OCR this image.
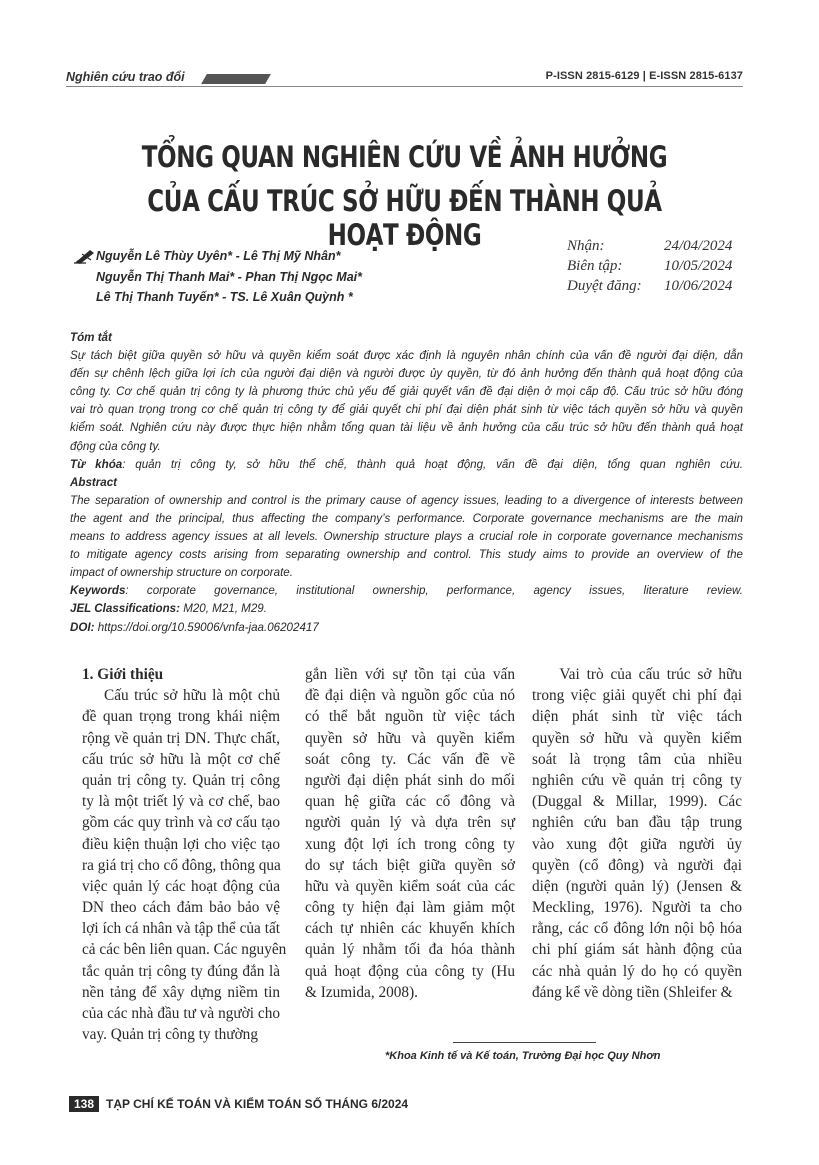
Nghiên cứu trao đổi	P-ISSN 2815-6129 | E-ISSN 2815-6137
TỔNG QUAN NGHIÊN CỨU VỀ ẢNH HƯỞNG
CỦA CẤU TRÚC SỞ HỮU ĐẾN THÀNH QUẢ HOẠT ĐỘNG
Nguyễn Lê Thùy Uyên* - Lê Thị Mỹ Nhân*
Nguyễn Thị Thanh Mai* - Phan Thị Ngọc Mai*
Lê Thị Thanh Tuyến* - TS. Lê Xuân Quỳnh *
Nhận:	24/04/2024
Biên tập:	10/05/2024
Duyệt đăng: 10/06/2024
Tóm tắt
Sự tách biệt giữa quyền sở hữu và quyền kiểm soát được xác định là nguyên nhân chính của vấn đề người đại diện, dẫn
đến sự chênh lệch giữa lợi ích của người đại diện và người được ủy quyền, từ đó ảnh hưởng đến thành quả hoạt động của
công ty. Cơ chế quản trị công ty là phương thức chủ yếu để giải quyết vấn đề đại diện ở mọi cấp độ. Cấu trúc sở hữu đóng
vai trò quan trọng trong cơ chế quản trị công ty để giải quyết chi phí đại diện phát sinh từ việc tách quyền sở hữu và quyền
kiểm soát. Nghiên cứu này được thực hiện nhằm tổng quan tài liệu về ảnh hưởng của cấu trúc sở hữu đến thành quả hoạt
động của công ty.
Từ khóa: quản trị công ty, sở hữu thể chế, thành quả hoạt động, vấn đề đại diện, tổng quan nghiên cứu.
Abstract
The separation of ownership and control is the primary cause of agency issues, leading to a divergence of interests between
the agent and the principal, thus affecting the company’s performance. Corporate governance mechanisms are the main
means to address agency issues at all levels. Ownership structure plays a crucial role in corporate governance mechanisms
to mitigate agency costs arising from separating ownership and control. This study aims to provide an overview of the
impact of ownership structure on corporate.
Keywords: corporate governance, institutional ownership, performance, agency issues, literature review.
JEL Classifications: M20, M21, M29.
DOI: https://doi.org/10.59006/vnfa-jaa.06202417
1. Giới thiệu
Cấu trúc sở hữu là một chủ
đề quan trọng trong khái niệm
rộng về quản trị DN. Thực chất,
cấu trúc sở hữu là một cơ chế
quản trị công ty. Quản trị công
ty là một triết lý và cơ chế, bao
gồm các quy trình và cơ cấu tạo
điều kiện thuận lợi cho việc tạo
ra giá trị cho cổ đông, thông qua
việc quản lý các hoạt động của
DN theo cách đảm bảo bảo vệ
lợi ích cá nhân và tập thể của tất
cả các bên liên quan. Các nguyên
tắc quản trị công ty đúng đắn là
nền tảng để xây dựng niềm tin
của các nhà đầu tư và người cho
vay. Quản trị công ty thường
gắn liền với sự tồn tại của vấn
đề đại diện và nguồn gốc của nó
có thể bắt nguồn từ việc tách
quyền sở hữu và quyền kiểm
soát công ty. Các vấn đề về
người đại diện phát sinh do mối
quan hệ giữa các cổ đông và
người quản lý và dựa trên sự
xung đột lợi ích trong công ty
do sự tách biệt giữa quyền sở
hữu và quyền kiểm soát của các
công ty hiện đại làm giảm một
cách tự nhiên các khuyến khích
quản lý nhằm tối đa hóa thành
quả hoạt động của công ty (Hu
& Izumida, 2008).
Vai trò của cấu trúc sở hữu
trong việc giải quyết chi phí đại
diện phát sinh từ việc tách
quyền sở hữu và quyền kiểm
soát là trọng tâm của nhiều
nghiên cứu về quản trị công ty
(Duggal & Millar, 1999). Các
nghiên cứu ban đầu tập trung
vào xung đột giữa người ủy
quyền (cổ đông) và người đại
diện (người quản lý) (Jensen &
Meckling, 1976). Người ta cho
rằng, các cổ đông lớn nội bộ hóa
chi phí giám sát hành động của
các nhà quản lý do họ có quyền
đáng kể về dòng tiền (Shleifer &
*Khoa Kinh tế và Kế toán, Trường Đại học Quy Nhơn
138 TẠP CHÍ KẾ TOÁN VÀ KIỂM TOÁN SỐ THÁNG 6/2024
